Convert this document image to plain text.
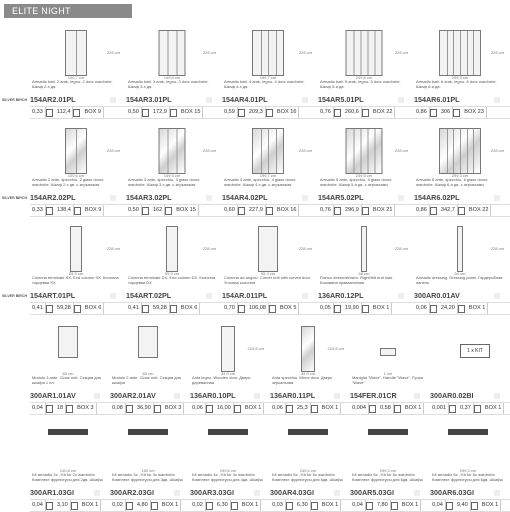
ELITE NIGHT
SILVER BIRCH
0,33	112,4	BOX 9	0,50	172,9	BOX 15	0,59	209,3	BOX 16	0,76	260,6	BOX 22	0,86	306	BOX 23
228 cm
100,7 cm
Armadio batt. 2 ante, legno- 2 door wardrobe. Шкаф 2-х дв.
154AR2.01PL
228 cm
149,9 cm
Armadio batt. 3 ante, legno- 3 door wardrobe. Шкаф 3-х дв.
154AR3.01PL
228 cm
199,7 cm
Armadio batt. 4 ante, legno- 4 door wardrobe. Шкаф 4-х дв.
154AR4.01PL
228 cm
249,5 cm
Armadio batt. 5 ante, legno- 5 door wardrobe. Шкаф 5-и дв.
154AR5.01PL
228 cm
299,3 cm
Armadio batt. 6 ante, legno- 6 door wardrobe. Шкаф 6-и дв.
154AR6.01PL
SILVER BIRCH
0,33	138,4	BOX 9	0,50	162	BOX 15	0,60	227,9	BOX 16	0,76	296,9	BOX 21	0,86	342,7	BOX 22
228 cm
100,6 cm
Armadio 2 ante, specchio- 2 glass doors wardrobe. Шкаф 2-х дв. с зеркалами
154AR2.02PL
228 cm
149,9 cm
Armadio 3 ante, specchio- 3 glass doors wardrobe. Шкаф 3-х дв. с зеркалами
154AR3.02PL
228 cm
199,7 cm
Armadio 4 ante, specchio- 4 glass doors wardrobe. Шкаф 4-х дв. с зеркалами
154AR4.02PL
228 cm
249,5 cm
Armadio 5 ante, specchio- 5 glass doors wardrobe. Шкаф 5-и дв. с зеркалами
154AR5.02PL
228 cm
299,3 cm
Armadio 6 ante, specchio- 6 glass doors wardrobe. Шкаф 6-и дв. с зеркалами
154AR6.02PL
SILVER BIRCH
0,41	59,28	BOX 6	0,41	59,28	BOX 6	0,70	106,08	BOX 5	0,05	19,90	BOX 1	0,06	24,20	BOX 1
228 cm
55,9 cm
Colonna terminale SX. End column SX. Колонна торцевая SX
154ART.01PL
228 cm
55,9 cm
Colonna terminale DX. End column DX. Колонна торцевая DX
154ART.02PL
228 cm
95,3 cm
Colonna ad angolo. Corner unit with curved door. Угловая колонна
154AR.011PL
228 cm
58 cm
Fianco destro/sinistro. Right/left end side. Боковина правая/левая
136AR0.12PL
228 cm
54 cm
Armadio dressing. Dressing panel. Гардеробная панель
300AR0.01AV
0,04	18	BOX 3	0,08	36,90	BOX 3	0,06	16,00	BOX 1	0,06	25,3	BOX 1	0,004	0,58	BOX 1	0,001	0,37	BOX 1
60 cm
Modulo 3 ante. Close unit. Секция для шкафа 1 пл.
300AR1.01AV
60 cm
Modulo 2 ante. Close unit. Секция для шкафа
300AR2.01AV
224,8 cm
49,9 cm
Anta legno. Wooden door. Дверь деревянная
136AR0.10PL
224,8 cm
49,9 cm
Anta specchio. Mirror door. Дверь зеркальная
136AR0.11PL
1 cm
Maniglia "Wave". Handle "Wave". Ручка "Wave"
154FER.01CR
1 x KIT
300AR0.02BI
0,04	3,10	BOX 1	0,02	4,80	BOX 1	0,02	6,30	BOX 1	0,03	6,30	BOX 1	0,04	7,80	BOX 1	0,04	9,40	BOX 1
100,8 cm
Kit armadio 2x - Kit for 2x wardrobe. Комплект фурнитуры для 2дв. Шкафа
300AR1.03GI
150 cm
Kit armadio 3x - Kit for 3x wardrobe. Комплект фурнитуры для 3дв. Шкафа
300AR2.03GI
199,6 cm
Kit armadio 4x - Kit for 4x wardrobe. Комплект фурнитуры для 4дв. Шкафа
300AR3.03GI
249,4 cm
Kit armadio 5x - Kit for 5x wardrobe. Комплект фурнитуры для 5дв. Шкафа
300AR4.03GI
299,3 cm
Kit armadio 6x - Kit for 6x wardrobe. Комплект фурнитуры для 6дв. Шкафа
300AR5.03GI
299,3 cm
Kit armadio 6x - Kit for 6x wardrobe. Комплект фурнитуры для 6дв. Шкафа
300AR6.03GI
